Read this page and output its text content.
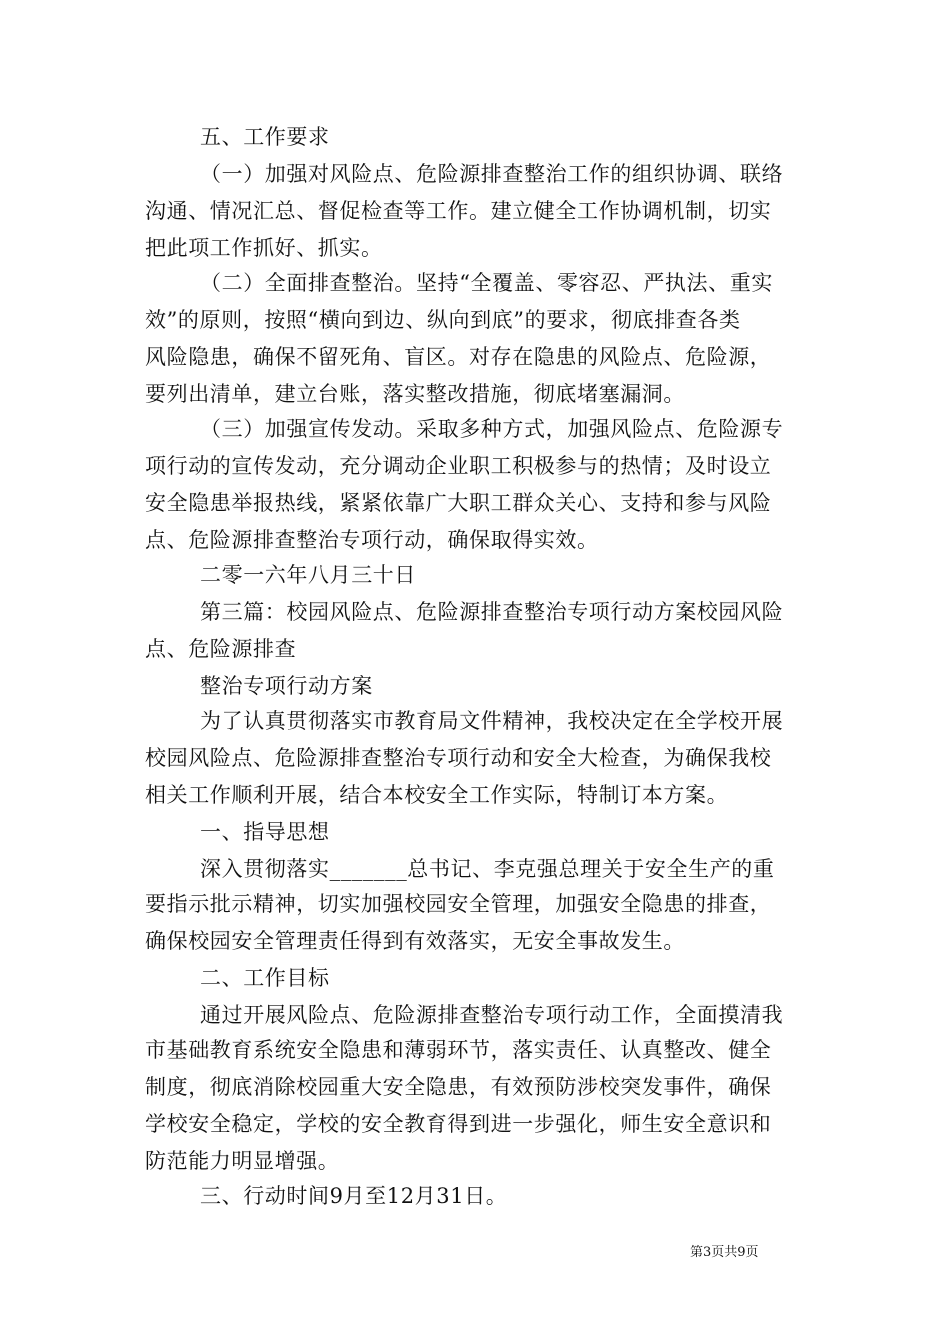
五、工作要求
（一）加强对风险点、危险源排查整治工作的组织协调、联络
沟通、情况汇总、督促检查等工作。建立健全工作协调机制，切实
把此项工作抓好、抓实。
（二）全面排查整治。坚持“全覆盖、零容忍、严执法、重实
效”的原则，按照“横向到边、纵向到底”的要求，彻底排查各类
风险隐患，确保不留死角、盲区。对存在隐患的风险点、危险源，
要列出清单，建立台账，落实整改措施，彻底堵塞漏洞。
（三）加强宣传发动。采取多种方式，加强风险点、危险源专
项行动的宣传发动，充分调动企业职工积极参与的热情；及时设立
安全隐患举报热线，紧紧依靠广大职工群众关心、支持和参与风险
点、危险源排查整治专项行动，确保取得实效。
二零一六年八月三十日
第三篇：校园风险点、危险源排查整治专项行动方案校园风险
点、危险源排查
整治专项行动方案
为了认真贯彻落实市教育局文件精神，我校决定在全学校开展
校园风险点、危险源排查整治专项行动和安全大检查，为确保我校
相关工作顺利开展，结合本校安全工作实际，特制订本方案。
一、指导思想
深入贯彻落实_______总书记、李克强总理关于安全生产的重
要指示批示精神，切实加强校园安全管理，加强安全隐患的排查，
确保校园安全管理责任得到有效落实，无安全事故发生。
二、工作目标
通过开展风险点、危险源排查整治专项行动工作，全面摸清我
市基础教育系统安全隐患和薄弱环节，落实责任、认真整改、健全
制度，彻底消除校园重大安全隐患，有效预防涉校突发事件，确保
学校安全稳定，学校的安全教育得到进一步强化，师生安全意识和
防范能力明显增强。
三、行动时间9月至12月31日。
第3页共9页
